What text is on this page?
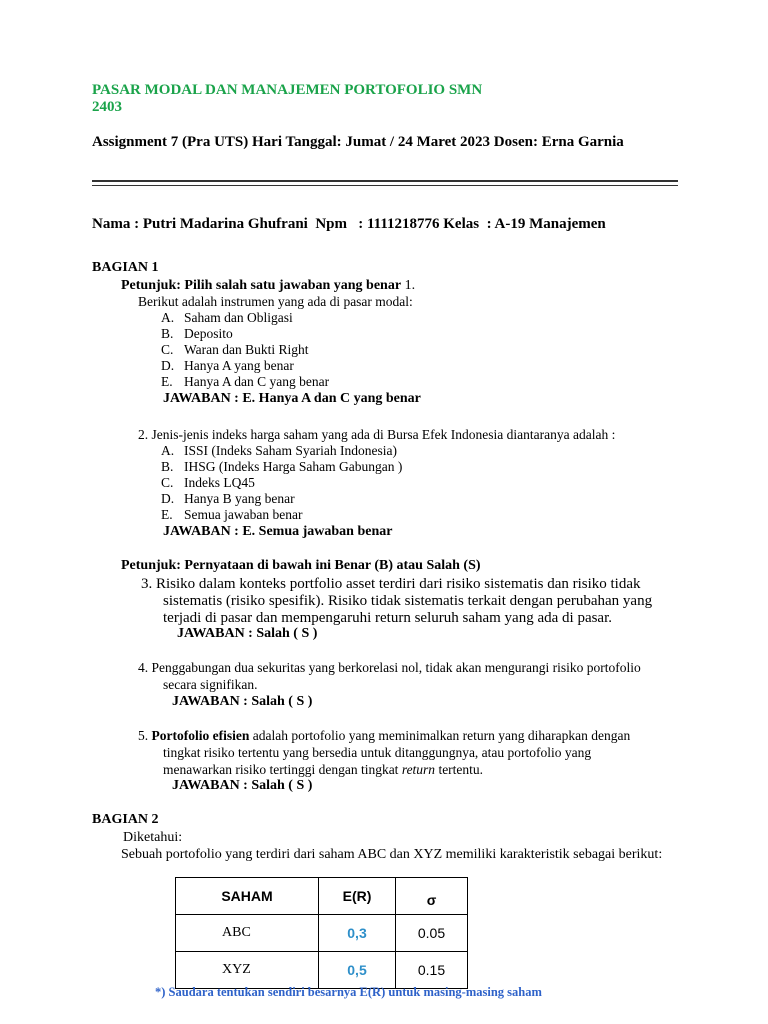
PASAR MODAL DAN MANAJEMEN PORTOFOLIO SMN
2403
Assignment 7 (Pra UTS) Hari Tanggal: Jumat / 24 Maret 2023 Dosen: Erna Garnia
Nama : Putri Madarina Ghufrani  Npm   : 1111218776 Kelas  : A-19 Manajemen
BAGIAN 1
Petunjuk: Pilih salah satu jawaban yang benar 1.
Berikut adalah instrumen yang ada di pasar modal:
A. Saham dan Obligasi
B. Deposito
C. Waran dan Bukti Right
D. Hanya A yang benar
E. Hanya A dan C yang benar
JAWABAN : E. Hanya A dan C yang benar
2. Jenis-jenis indeks harga saham yang ada di Bursa Efek Indonesia diantaranya adalah :
A. ISSI (Indeks Saham Syariah Indonesia)
B. IHSG (Indeks Harga Saham Gabungan )
C. Indeks LQ45
D. Hanya B yang benar
E. Semua jawaban benar
JAWABAN : E. Semua jawaban benar
Petunjuk: Pernyataan di bawah ini Benar (B) atau Salah (S)
3. Risiko dalam konteks portfolio asset terdiri dari risiko sistematis dan risiko tidak
sistematis (risiko spesifik). Risiko tidak sistematis terkait dengan perubahan yang
terjadi di pasar dan mempengaruhi return seluruh saham yang ada di pasar.
JAWABAN : Salah ( S )
4. Penggabungan dua sekuritas yang berkorelasi nol, tidak akan mengurangi risiko portofolio
secara signifikan.
JAWABAN : Salah ( S )
5. Portofolio efisien adalah portofolio yang meminimalkan return yang diharapkan dengan
tingkat risiko tertentu yang bersedia untuk ditanggungnya, atau portofolio yang
menawarkan risiko tertinggi dengan tingkat return tertentu.
JAWABAN : Salah ( S )
BAGIAN 2
Diketahui:
Sebuah portofolio yang terdiri dari saham ABC dan XYZ memiliki karakteristik sebagai berikut:
SAHAM	E(R)	σ
ABC	0,3	0.05
XYZ	0,5	0.15
*) Saudara tentukan sendiri besarnya E(R) untuk masing-masing saham
